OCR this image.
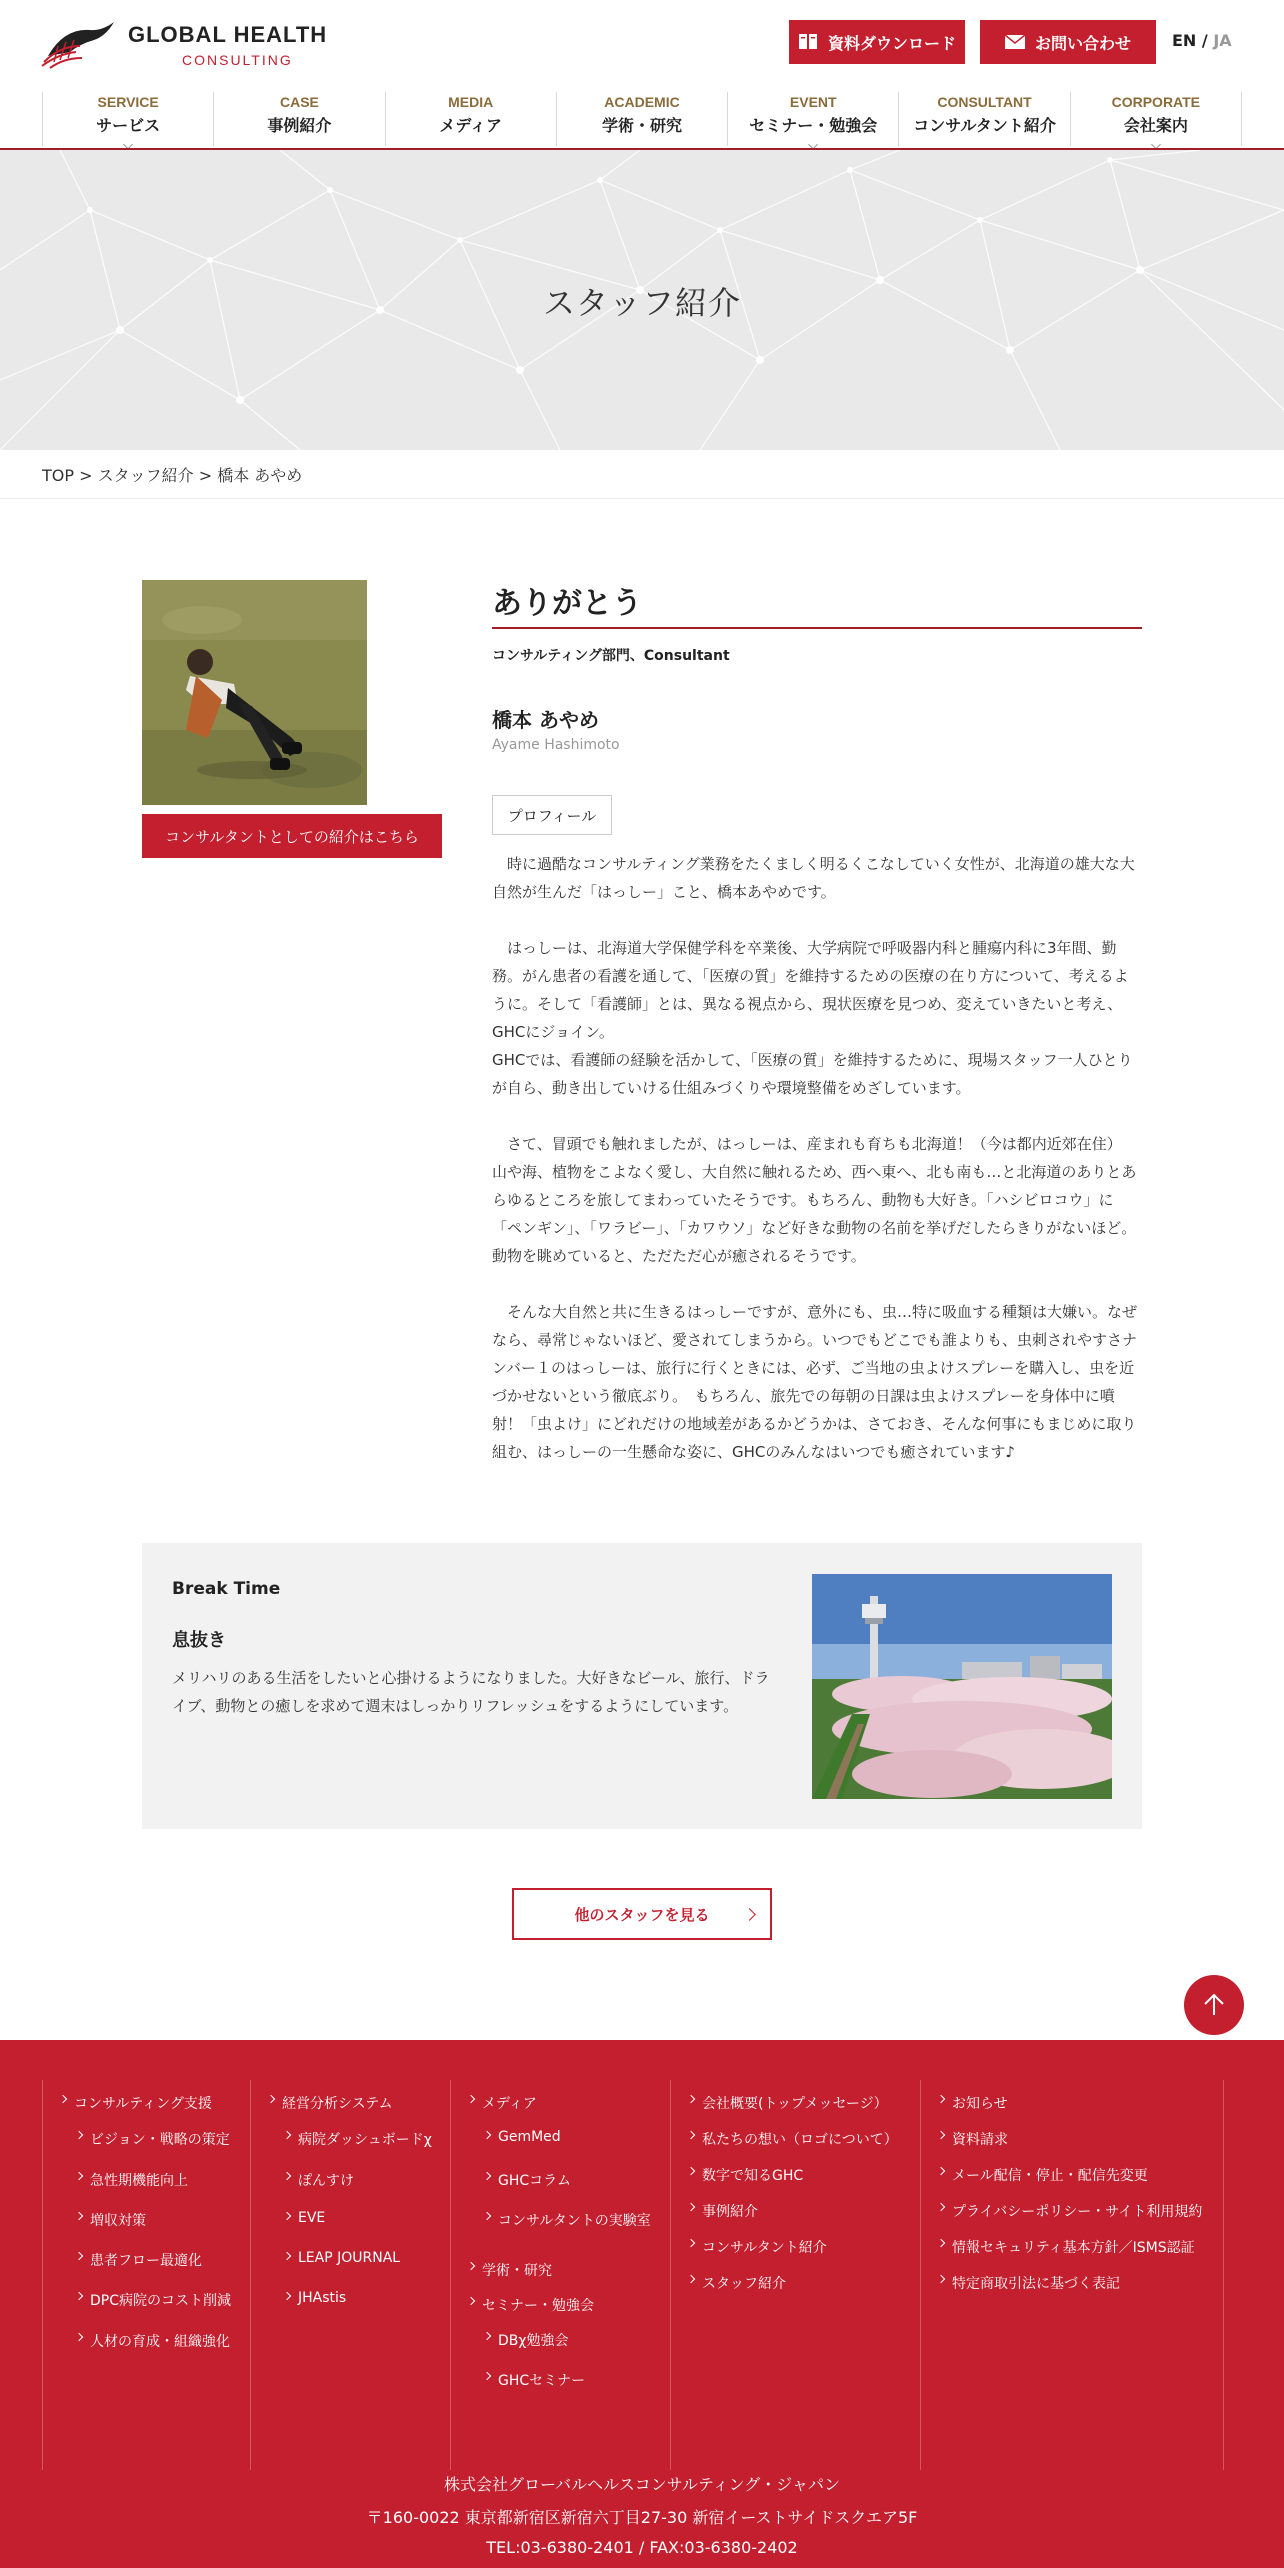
GLOBAL HEALTH
CONSULTING
資料ダウンロード	お問い合わせ	EN / JA
SERVICE
サービス
CASE
事例紹介
MEDIA
メディア
ACADEMIC
学術・研究
EVENT
セミナー・勉強会
CONSULTANT
コンサルタント紹介
CORPORATE
会社案内
スタッフ紹介
TOP > スタッフ紹介 > 橋本 あやめ
コンサルタントとしての紹介はこちら
ありがとう
コンサルティング部門、Consultant
橋本 あやめ
Ayame Hashimoto
プロフィール

　時に過酷なコンサルティング業務をたくましく明るくこなしていく女性が、北海道の雄大な大自然が生んだ「はっしー」こと、橋本あやめです。

　はっしーは、北海道大学保健学科を卒業後、大学病院で呼吸器内科と腫瘍内科に3年間、勤務。がん患者の看護を通して、「医療の質」を維持するための医療の在り方について、考えるように。そして「看護師」とは、異なる視点から、現状医療を見つめ、変えていきたいと考え、GHCにジョイン。
GHCでは、看護師の経験を活かして、「医療の質」を維持するために、現場スタッフ一人ひとりが自ら、動き出していける仕組みづくりや環境整備をめざしています。

　さて、冒頭でも触れましたが、はっしーは、産まれも育ちも北海道！（今は都内近郊在住）　山や海、植物をこよなく愛し、大自然に触れるため、西へ東へ、北も南も…と北海道のありとあらゆるところを旅してまわっていたそうです。もちろん、動物も大好き。「ハシビロコウ」に「ペンギン」、「ワラビー」、「カワウソ」など好きな動物の名前を挙げだしたらきりがないほど。動物を眺めていると、ただただ心が癒されるそうです。

　そんな大自然と共に生きるはっしーですが、意外にも、虫…特に吸血する種類は大嫌い。なぜなら、尋常じゃないほど、愛されてしまうから。いつでもどこでも誰よりも、虫刺されやすさナンバー１のはっしーは、旅行に行くときには、必ず、ご当地の虫よけスプレーを購入し、虫を近づかせないという徹底ぶり。　もちろん、旅先での毎朝の日課は虫よけスプレーを身体中に噴射！「虫よけ」にどれだけの地域差があるかどうかは、さておき、そんな何事にもまじめに取り組む、はっしーの一生懸命な姿に、GHCのみんなはいつでも癒されています♪

Break Time
息抜き
メリハリのある生活をしたいと心掛けるようになりました。大好きなビール、旅行、ドライブ、動物との癒しを求めて週末はしっかりリフレッシュをするようにしています。
他のスタッフを見る
コンサルティング支援
ビジョン・戦略の策定
急性期機能向上
増収対策
患者フロー最適化
DPC病院のコスト削減
人材の育成・組織強化
経営分析システム
病院ダッシュボードχ
ぽんすけ
EVE
LEAP JOURNAL
JHAstis
メディア
GemMed
GHCコラム
コンサルタントの実験室
学術・研究
セミナー・勉強会
DBχ勉強会
GHCセミナー
会社概要(トップメッセージ）
私たちの想い（ロゴについて）
数字で知るGHC
事例紹介
コンサルタント紹介
スタッフ紹介
お知らせ
資料請求
メール配信・停止・配信先変更
プライバシーポリシー・サイト利用規約
情報セキュリティ基本方針／ISMS認証
特定商取引法に基づく表記
株式会社グローバルヘルスコンサルティング・ジャパン
〒160-0022 東京都新宿区新宿六丁目27-30 新宿イーストサイドスクエア5F
TEL:03-6380-2401 / FAX:03-6380-2402
